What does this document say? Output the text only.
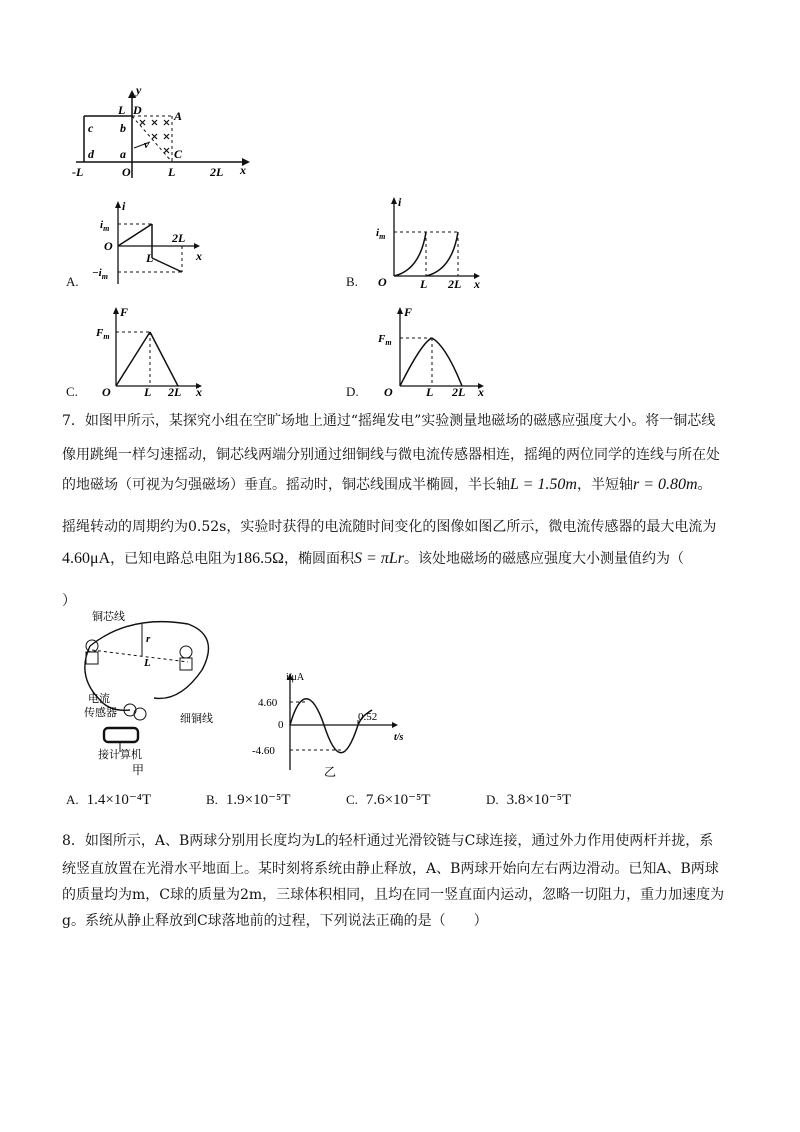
L
y
D	A
b
c
v
C
d a
-L	O	L	2L x
A.
i
$i_m$
O
$-i_m$
L
2L
x
B.
i
$i_m$
O	L 2L x
C.
F
$F_m$
O	L 2L x	D.
F
$F_m$
O	L 2L x
7．如图甲所示，某探究小组在空旷场地上通过“摇绳发电”实验测量地磁场的磁感应强度大小。将一铜芯线
像用跳绳一样匀速摇动，铜芯线两端分别通过细铜线与微电流传感器相连，摇绳的两位同学的连线与所在处
的地磁场（可视为匀强磁场）垂直。摇动时，铜芯线围成半椭圆，半长轴L = 1.50m，半短轴r = 0.80m。
摇绳转动的周期约为0.52s，实验时获得的电流随时间变化的图像如图乙所示，微电流传感器的最大电流为
4.60μA，已知电路总电阻为186.5Ω，椭圆面积S = πLr。该处地磁场的磁感应强度大小测量值约为（
）
铜芯线
r
L
电流
传感器	细铜线
接计算机
甲
i/μA
4.60
0
-4.60
0.52
t/s
乙
A. 1.4×10⁻⁴T	B. 1.9×10⁻⁵T	C. 7.6×10⁻⁵T	D. 3.8×10⁻⁵T
8．如图所示，A、B两球分别用长度均为L的轻杆通过光滑铰链与C球连接，通过外力作用使两杆并拢，系
统竖直放置在光滑水平地面上。某时刻将系统由静止释放，A、B两球开始向左右两边滑动。已知A、B两球
的质量均为m，C球的质量为2m，三球体积相同，且均在同一竖直面内运动，忽略一切阻力，重力加速度为
g。系统从静止释放到C球落地前的过程，下列说法正确的是（　　）
